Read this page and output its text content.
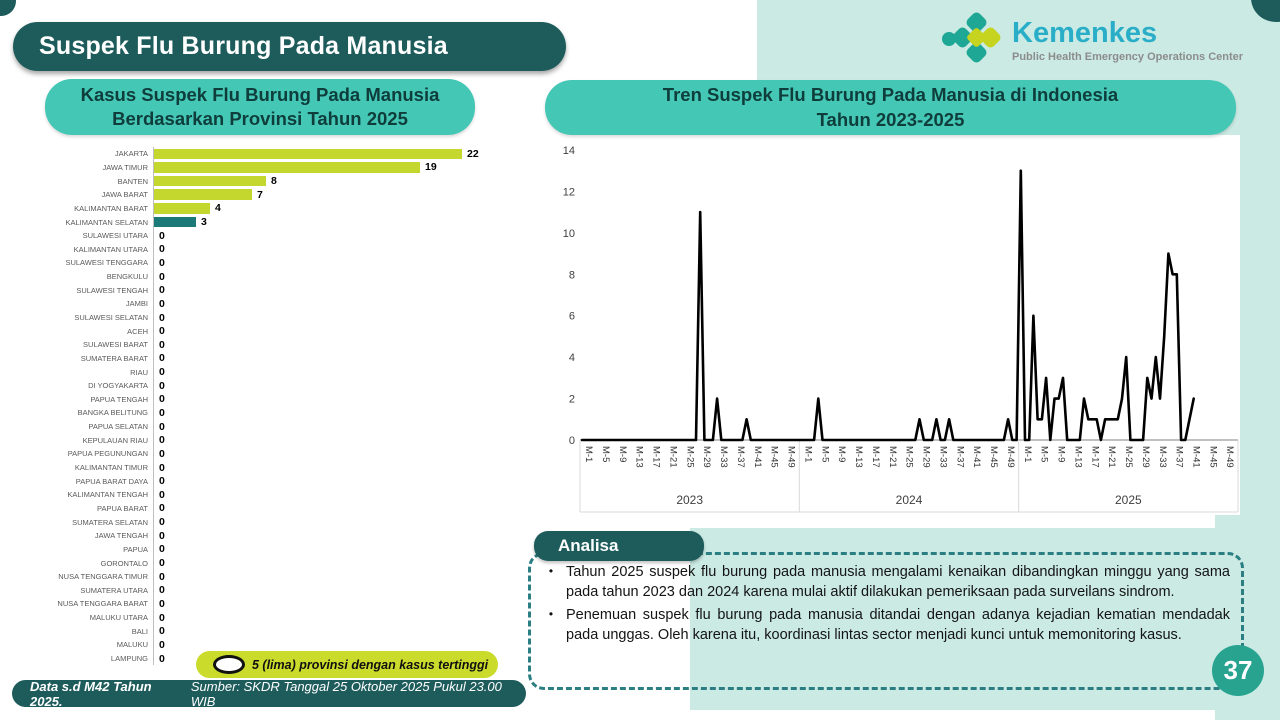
Suspek Flu Burung Pada Manusia	Kemenkes
Public Health Emergency Operations Center
Kasus Suspek Flu Burung Pada Manusia
Berdasarkan Provinsi Tahun 2025
JAKARTA	22
JAWA TIMUR	19
BANTEN	8
JAWA BARAT	7
KALIMANTAN BARAT	4
KALIMANTAN SELATAN	3
SULAWESI UTARA	0
KALIMANTAN UTARA	0
SULAWESI TENGGARA	0
BENGKULU	0
SULAWESI TENGAH	0
JAMBI	0
SULAWESI SELATAN	0
ACEH	0
SULAWESI BARAT	0
SUMATERA BARAT	0
RIAU	0
DI YOGYAKARTA	0
PAPUA TENGAH	0
BANGKA BELITUNG	0
PAPUA SELATAN	0
KEPULAUAN RIAU	0
PAPUA PEGUNUNGAN	0
KALIMANTAN TIMUR	0
PAPUA BARAT DAYA	0
KALIMANTAN TENGAH	0
PAPUA BARAT	0
SUMATERA SELATAN	0
JAWA TENGAH	0
PAPUA	0
GORONTALO	0
NUSA TENGGARA TIMUR	0
SUMATERA UTARA	0
NUSA TENGGARA BARAT	0
MALUKU UTARA	0
BALI	0
MALUKU	0
LAMPUNG	0	5 (lima) provinsi dengan kasus tertinggi
Tren Suspek Flu Burung Pada Manusia di Indonesia
Tahun 2023-2025
0
2
4
6
8
10
12
14
M-1 M-5 M-9 M-13 M-17 M-21 M-25 M-29 M-33 M-37 M-41 M-45 M-49
2023
M-1 M-5 M-9 M-13 M-17 M-21 M-25 M-29 M-33 M-37 M-41 M-45 M-49
2024
M-1 M-5 M-9 M-13 M-17 M-21 M-25 M-29 M-33 M-37 M-41 M-45 M-49
2025
Analisa
• Tahun 2025 suspek flu burung pada manusia mengalami kenaikan dibandingkan minggu yang sama pada tahun 2023 dan 2024 karena mulai aktif dilakukan pemeriksaan pada surveilans sindrom.
• Penemuan suspek flu burung pada manusia ditandai dengan adanya kejadian kematian mendadak pada unggas. Oleh karena itu, koordinasi lintas sector menjadi kunci untuk memonitoring kasus.
Data s.d M42 Tahun 2025.
Sumber: SKDR Tanggal 25 Oktober 2025 Pukul 23.00 WIB
37
